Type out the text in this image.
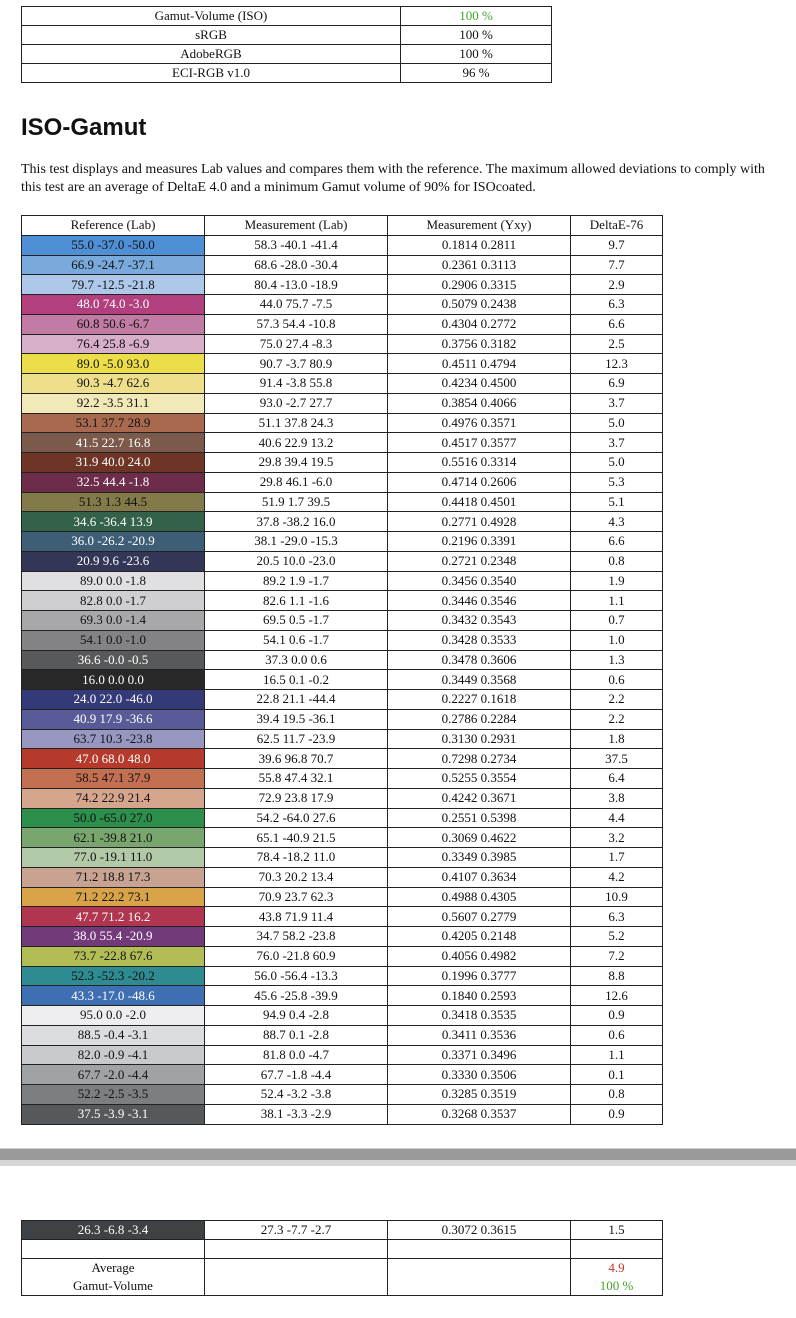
Gamut-Volume (ISO)	100 %
sRGB	100 %
AdobeRGB	100 %
ECI-RGB v1.0	96 %
ISO-Gamut

This test displays and measures Lab values and compares them with the reference. The maximum allowed deviations to comply with this test are an average of DeltaE 4.0 and a minimum Gamut volume of 90% for ISOcoated.

Reference (Lab)	Measurement (Lab)	Measurement (Yxy)	DeltaE-76
55.0 -37.0 -50.0	58.3 -40.1 -41.4	0.1814 0.2811	9.7
66.9 -24.7 -37.1	68.6 -28.0 -30.4	0.2361 0.3113	7.7
79.7 -12.5 -21.8	80.4 -13.0 -18.9	0.2906 0.3315	2.9
48.0 74.0 -3.0	44.0 75.7 -7.5	0.5079 0.2438	6.3
60.8 50.6 -6.7	57.3 54.4 -10.8	0.4304 0.2772	6.6
76.4 25.8 -6.9	75.0 27.4 -8.3	0.3756 0.3182	2.5
89.0 -5.0 93.0	90.7 -3.7 80.9	0.4511 0.4794	12.3
90.3 -4.7 62.6	91.4 -3.8 55.8	0.4234 0.4500	6.9
92.2 -3.5 31.1	93.0 -2.7 27.7	0.3854 0.4066	3.7
53.1 37.7 28.9	51.1 37.8 24.3	0.4976 0.3571	5.0
41.5 22.7 16.8	40.6 22.9 13.2	0.4517 0.3577	3.7
31.9 40.0 24.0	29.8 39.4 19.5	0.5516 0.3314	5.0
32.5 44.4 -1.8	29.8 46.1 -6.0	0.4714 0.2606	5.3
51.3 1.3 44.5	51.9 1.7 39.5	0.4418 0.4501	5.1
34.6 -36.4 13.9	37.8 -38.2 16.0	0.2771 0.4928	4.3
36.0 -26.2 -20.9	38.1 -29.0 -15.3	0.2196 0.3391	6.6
20.9 9.6 -23.6	20.5 10.0 -23.0	0.2721 0.2348	0.8
89.0 0.0 -1.8	89.2 1.9 -1.7	0.3456 0.3540	1.9
82.8 0.0 -1.7	82.6 1.1 -1.6	0.3446 0.3546	1.1
69.3 0.0 -1.4	69.5 0.5 -1.7	0.3432 0.3543	0.7
54.1 0.0 -1.0	54.1 0.6 -1.7	0.3428 0.3533	1.0
36.6 -0.0 -0.5	37.3 0.0 0.6	0.3478 0.3606	1.3
16.0 0.0 0.0	16.5 0.1 -0.2	0.3449 0.3568	0.6
24.0 22.0 -46.0	22.8 21.1 -44.4	0.2227 0.1618	2.2
40.9 17.9 -36.6	39.4 19.5 -36.1	0.2786 0.2284	2.2
63.7 10.3 -23.8	62.5 11.7 -23.9	0.3130 0.2931	1.8
47.0 68.0 48.0	39.6 96.8 70.7	0.7298 0.2734	37.5
58.5 47.1 37.9	55.8 47.4 32.1	0.5255 0.3554	6.4
74.2 22.9 21.4	72.9 23.8 17.9	0.4242 0.3671	3.8
50.0 -65.0 27.0	54.2 -64.0 27.6	0.2551 0.5398	4.4
62.1 -39.8 21.0	65.1 -40.9 21.5	0.3069 0.4622	3.2
77.0 -19.1 11.0	78.4 -18.2 11.0	0.3349 0.3985	1.7
71.2 18.8 17.3	70.3 20.2 13.4	0.4107 0.3634	4.2
71.2 22.2 73.1	70.9 23.7 62.3	0.4988 0.4305	10.9
47.7 71.2 16.2	43.8 71.9 11.4	0.5607 0.2779	6.3
38.0 55.4 -20.9	34.7 58.2 -23.8	0.4205 0.2148	5.2
73.7 -22.8 67.6	76.0 -21.8 60.9	0.4056 0.4982	7.2
52.3 -52.3 -20.2	56.0 -56.4 -13.3	0.1996 0.3777	8.8
43.3 -17.0 -48.6	45.6 -25.8 -39.9	0.1840 0.2593	12.6
95.0 0.0 -2.0	94.9 0.4 -2.8	0.3418 0.3535	0.9
88.5 -0.4 -3.1	88.7 0.1 -2.8	0.3411 0.3536	0.6
82.0 -0.9 -4.1	81.8 0.0 -4.7	0.3371 0.3496	1.1
67.7 -2.0 -4.4	67.7 -1.8 -4.4	0.3330 0.3506	0.1
52.2 -2.5 -3.5	52.4 -3.2 -3.8	0.3285 0.3519	0.8
37.5 -3.9 -3.1	38.1 -3.3 -2.9	0.3268 0.3537	0.9
26.3 -6.8 -3.4	27.3 -7.7 -2.7	0.3072 0.3615	1.5

Average			4.9
Gamut-Volume			100 %
